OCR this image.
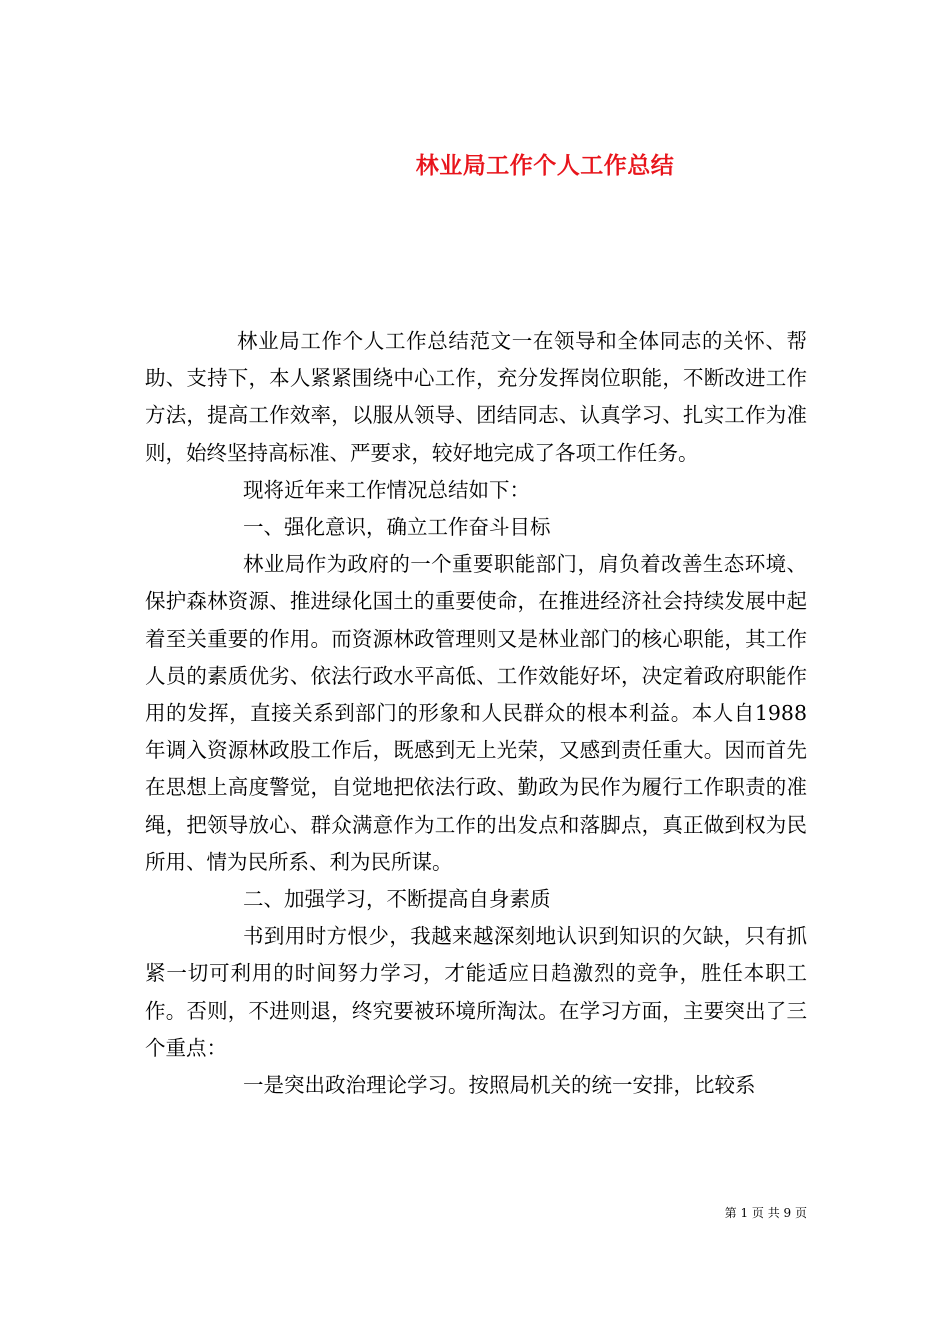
林业局工作个人工作总结

林业局工作个人工作总结范文一在领导和全体同志的关怀、帮助、支持下，本人紧紧围绕中心工作，充分发挥岗位职能，不断改进工作方法，提高工作效率，以服从领导、团结同志、认真学习、扎实工作为准则，始终坚持高标准、严要求，较好地完成了各项工作任务。

现将近年来工作情况总结如下：

一、强化意识，确立工作奋斗目标

林业局作为政府的一个重要职能部门，肩负着改善生态环境、保护森林资源、推进绿化国土的重要使命，在推进经济社会持续发展中起着至关重要的作用。而资源林政管理则又是林业部门的核心职能，其工作人员的素质优劣、依法行政水平高低、工作效能好坏，决定着政府职能作用的发挥，直接关系到部门的形象和人民群众的根本利益。本人自1988年调入资源林政股工作后，既感到无上光荣，又感到责任重大。因而首先在思想上高度警觉，自觉地把依法行政、勤政为民作为履行工作职责的准绳，把领导放心、群众满意作为工作的出发点和落脚点，真正做到权为民所用、情为民所系、利为民所谋。

二、加强学习，不断提高自身素质

书到用时方恨少，我越来越深刻地认识到知识的欠缺，只有抓紧一切可利用的时间努力学习，才能适应日趋激烈的竞争，胜任本职工作。否则，不进则退，终究要被环境所淘汰。在学习方面，主要突出了三个重点：

一是突出政治理论学习。按照局机关的统一安排，比较系

第 1 页 共 9 页
